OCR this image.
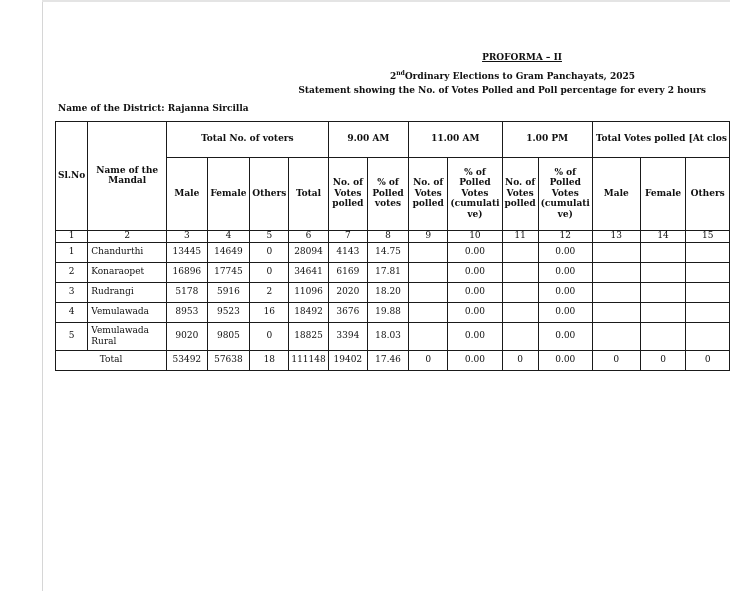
PROFORMA – II
2ndOrdinary Elections to Gram Panchayats, 2025
Statement showing the No. of Votes Polled and Poll percentage for every 2 hours
Name of the District: Rajanna Sircilla
Sl.No	Name of the Mandal	Total No. of voters				9.00 AM		11.00 AM		1.00 PM		Total Votes polled [At clos		
		Male	Female	Others	Total	No. of Votes polled	% of Polled votes	No. of Votes polled	% of Polled Votes (cumulati ve)	No. of Votes polled	% of Polled Votes (cumulati ve)	Male	Female	Others
1	2	3	4	5	6	7	8	9	10	11	12	13	14	15
1	Chandurthi	13445	14649	0	28094	4143	14.75		0.00		0.00			
2	Konaraopet	16896	17745	0	34641	6169	17.81		0.00		0.00			
3	Rudrangi	5178	5916	2	11096	2020	18.20		0.00		0.00			
4	Vemulawada	8953	9523	16	18492	3676	19.88		0.00		0.00			
5	Vemulawada Rural	9020	9805	0	18825	3394	18.03		0.00		0.00			
Total		53492	57638	18	111148	19402	17.46	0	0.00	0	0.00	0	0	0
